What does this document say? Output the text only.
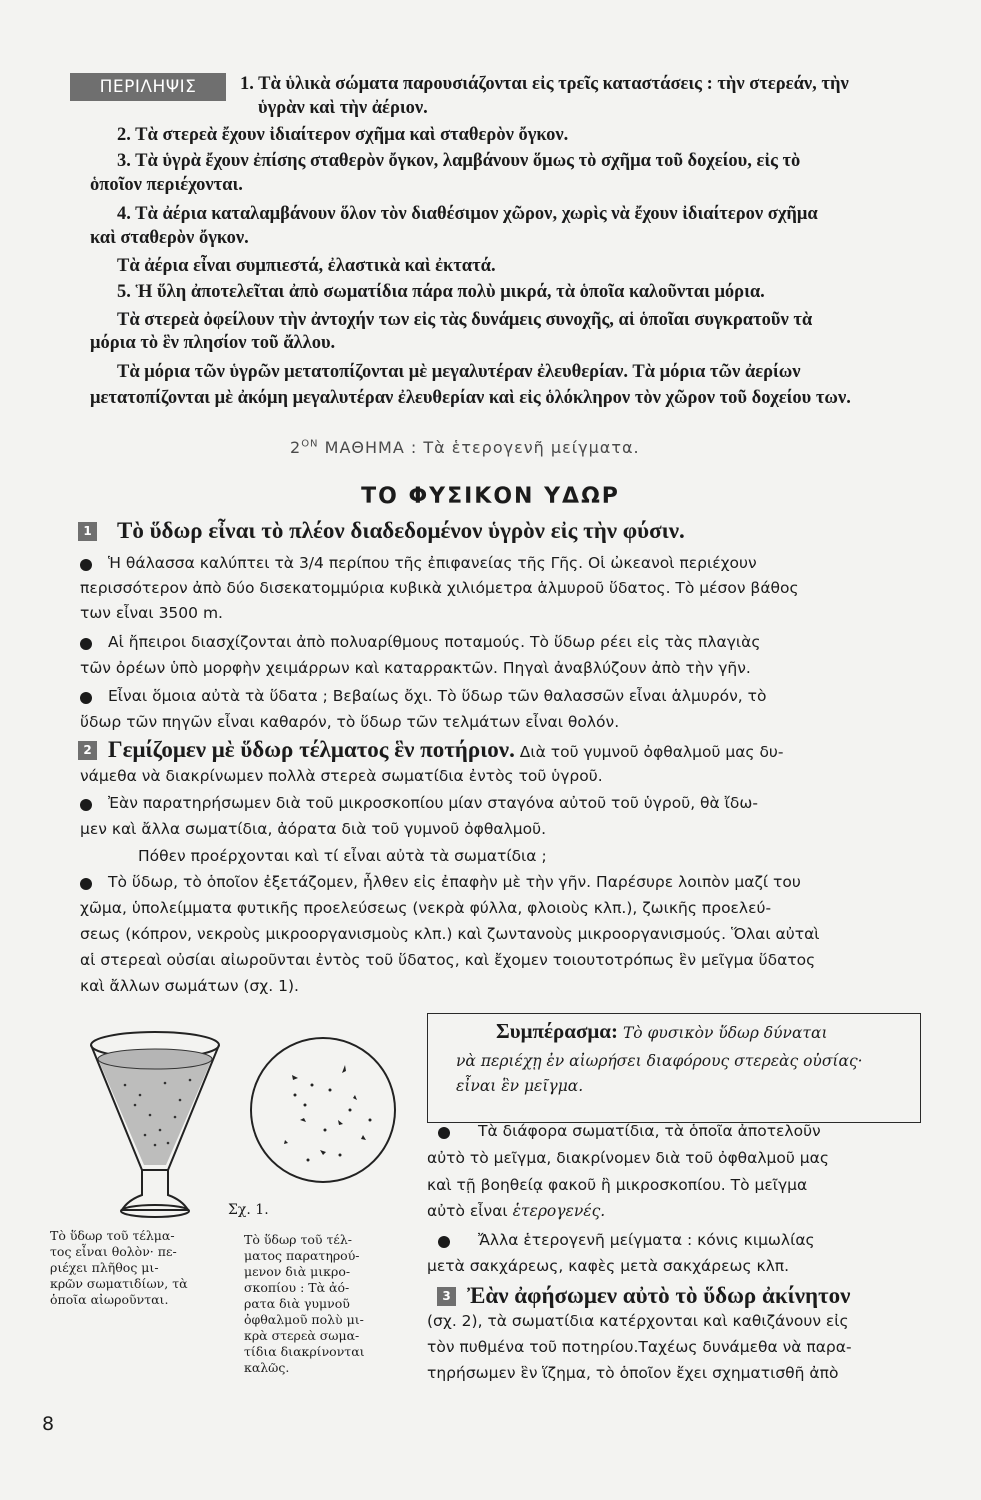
ΠΕΡΙΛΗΨΙΣ	1. Τὰ ὑλικὰ σώματα παρουσιάζονται εἰς τρεῖς καταστάσεις : τὴν στερεάν, τὴν
ὑγρὰν καὶ τὴν ἀέριον.
2. Τὰ στερεὰ ἔχουν ἰδιαίτερον σχῆμα καὶ σταθερὸν ὄγκον.
3. Τὰ ὑγρὰ ἔχουν ἐπίσης σταθερὸν ὄγκον, λαμβάνουν ὅμως τὸ σχῆμα τοῦ δοχείου, εἰς τὸ
ὁποῖον περιέχονται.
4. Τὰ ἀέρια καταλαμβάνουν ὅλον τὸν διαθέσιμον χῶρον, χωρὶς νὰ ἔχουν ἰδιαίτερον σχῆμα
καὶ σταθερὸν ὄγκον.
Τὰ ἀέρια εἶναι συμπιεστά, ἐλαστικὰ καὶ ἐκτατά.
5. Ἡ ὕλη ἀποτελεῖται ἀπὸ σωματίδια πάρα πολὺ μικρά, τὰ ὁποῖα καλοῦνται μόρια.
Τὰ στερεὰ ὀφείλουν τὴν ἀντοχήν των εἰς τὰς δυνάμεις συνοχῆς, αἱ ὁποῖαι συγκρατοῦν τὰ
μόρια τὸ ἓν πλησίον τοῦ ἄλλου.
Τὰ μόρια τῶν ὑγρῶν μετατοπίζονται μὲ μεγαλυτέραν ἐλευθερίαν. Τὰ μόρια τῶν ἀερίων
μετατοπίζονται μὲ ἀκόμη μεγαλυτέραν ἐλευθερίαν καὶ εἰς ὁλόκληρον τὸν χῶρον τοῦ δοχείου των.
$2^{ON}$ ΜΑΘΗΜΑ : Τὰ ἑτερογενῆ μείγματα.
ΤΟ ΦΥΣΙΚΟΝ ΥΔΩΡ
1 Τὸ ὕδωρ εἶναι τὸ πλέον διαδεδομένον ὑγρὸν εἰς τὴν φύσιν.
Ἡ θάλασσα καλύπτει τὰ 3/4 περίπου τῆς ἐπιφανείας τῆς Γῆς. Οἱ ὠκεανοὶ περιέχουν
περισσότερον ἀπὸ δύο δισεκατομμύρια κυβικὰ χιλιόμετρα ἁλμυροῦ ὕδατος. Τὸ μέσον βάθος
των εἶναι 3500 m.
Αἱ ἤπειροι διασχίζονται ἀπὸ πολυαρίθμους ποταμούς. Τὸ ὕδωρ ρέει εἰς τὰς πλαγιὰς
τῶν ὀρέων ὑπὸ μορφὴν χειμάρρων καὶ καταρρακτῶν. Πηγαὶ ἀναβλύζουν ἀπὸ τὴν γῆν.
Εἶναι ὅμοια αὐτὰ τὰ ὕδατα ; Βεβαίως ὄχι. Τὸ ὕδωρ τῶν θαλασσῶν εἶναι ἁλμυρόν, τὸ
ὕδωρ τῶν πηγῶν εἶναι καθαρόν, τὸ ὕδωρ τῶν τελμάτων εἶναι θολόν.
2 Γεμίζομεν μὲ ὕδωρ τέλματος ἓν ποτήριον. Διὰ τοῦ γυμνοῦ ὀφθαλμοῦ μας δυ-
νάμεθα νὰ διακρίνωμεν πολλὰ στερεὰ σωματίδια ἐντὸς τοῦ ὑγροῦ.
Ἐὰν παρατηρήσωμεν διὰ τοῦ μικροσκοπίου μίαν σταγόνα αὐτοῦ τοῦ ὑγροῦ, θὰ ἴδω-
μεν καὶ ἄλλα σωματίδια, ἀόρατα διὰ τοῦ γυμνοῦ ὀφθαλμοῦ.
Πόθεν προέρχονται καὶ τί εἶναι αὐτὰ τὰ σωματίδια ;
Τὸ ὕδωρ, τὸ ὁποῖον ἐξετάζομεν, ἦλθεν εἰς ἐπαφὴν μὲ τὴν γῆν. Παρέσυρε λοιπὸν μαζί του
χῶμα, ὑπολείμματα φυτικῆς προελεύσεως (νεκρὰ φύλλα, φλοιοὺς κλπ.), ζωικῆς προελεύ-
σεως (κόπρον, νεκροὺς μικροοργανισμοὺς κλπ.) καὶ ζωντανοὺς μικροοργανισμούς. Ὅλαι αὐταὶ
αἱ στερεαὶ οὐσίαι αἰωροῦνται ἐντὸς τοῦ ὕδατος, καὶ ἔχομεν τοιουτοτρόπως ἓν μεῖγμα ὕδατος
καὶ ἄλλων σωμάτων (σχ. 1).
Συμπέρασμα: Τὸ φυσικὸν ὕδωρ δύναται
νὰ περιέχῃ ἐν αἰωρήσει διαφόρους στερεὰς οὐσίας·
εἶναι ἓν μεῖγμα.
Τὰ διάφορα σωματίδια, τὰ ὁποῖα ἀποτελοῦν
αὐτὸ τὸ μεῖγμα, διακρίνομεν διὰ τοῦ ὀφθαλμοῦ μας
καὶ τῇ βοηθείᾳ φακοῦ ἢ μικροσκοπίου. Τὸ μεῖγμα
αὐτὸ εἶναι ἑτερογενές.
Ἄλλα ἑτερογενῆ μείγματα : κόνις κιμωλίας
μετὰ σακχάρεως, καφὲς μετὰ σακχάρεως κλπ.
3 Ἐὰν ἀφήσωμεν αὐτὸ τὸ ὕδωρ ἀκίνητον
(σχ. 2), τὰ σωματίδια κατέρχονται καὶ καθιζάνουν εἰς
τὸν πυθμένα τοῦ ποτηρίου.Ταχέως δυνάμεθα νὰ παρα-
τηρήσωμεν ἓν ἵζημα, τὸ ὁποῖον ἔχει σχηματισθῆ ἀπὸ
Σχ. 1.
Τὸ ὕδωρ τοῦ τέλμα-
τος εἶναι θολὸν· πε-
ριέχει πλῆθος μι-
κρῶν σωματιδίων, τὰ
ὁποῖα αἰωροῦνται.
Τὸ ὕδωρ τοῦ τέλ-
ματος παρατηρού-
μενον διὰ μικρο-
σκοπίου : Τὰ ἀό-
ρατα διὰ γυμνοῦ
ὀφθαλμοῦ πολὺ μι-
κρὰ στερεὰ σωμα-
τίδια διακρίνονται
καλῶς.
8
